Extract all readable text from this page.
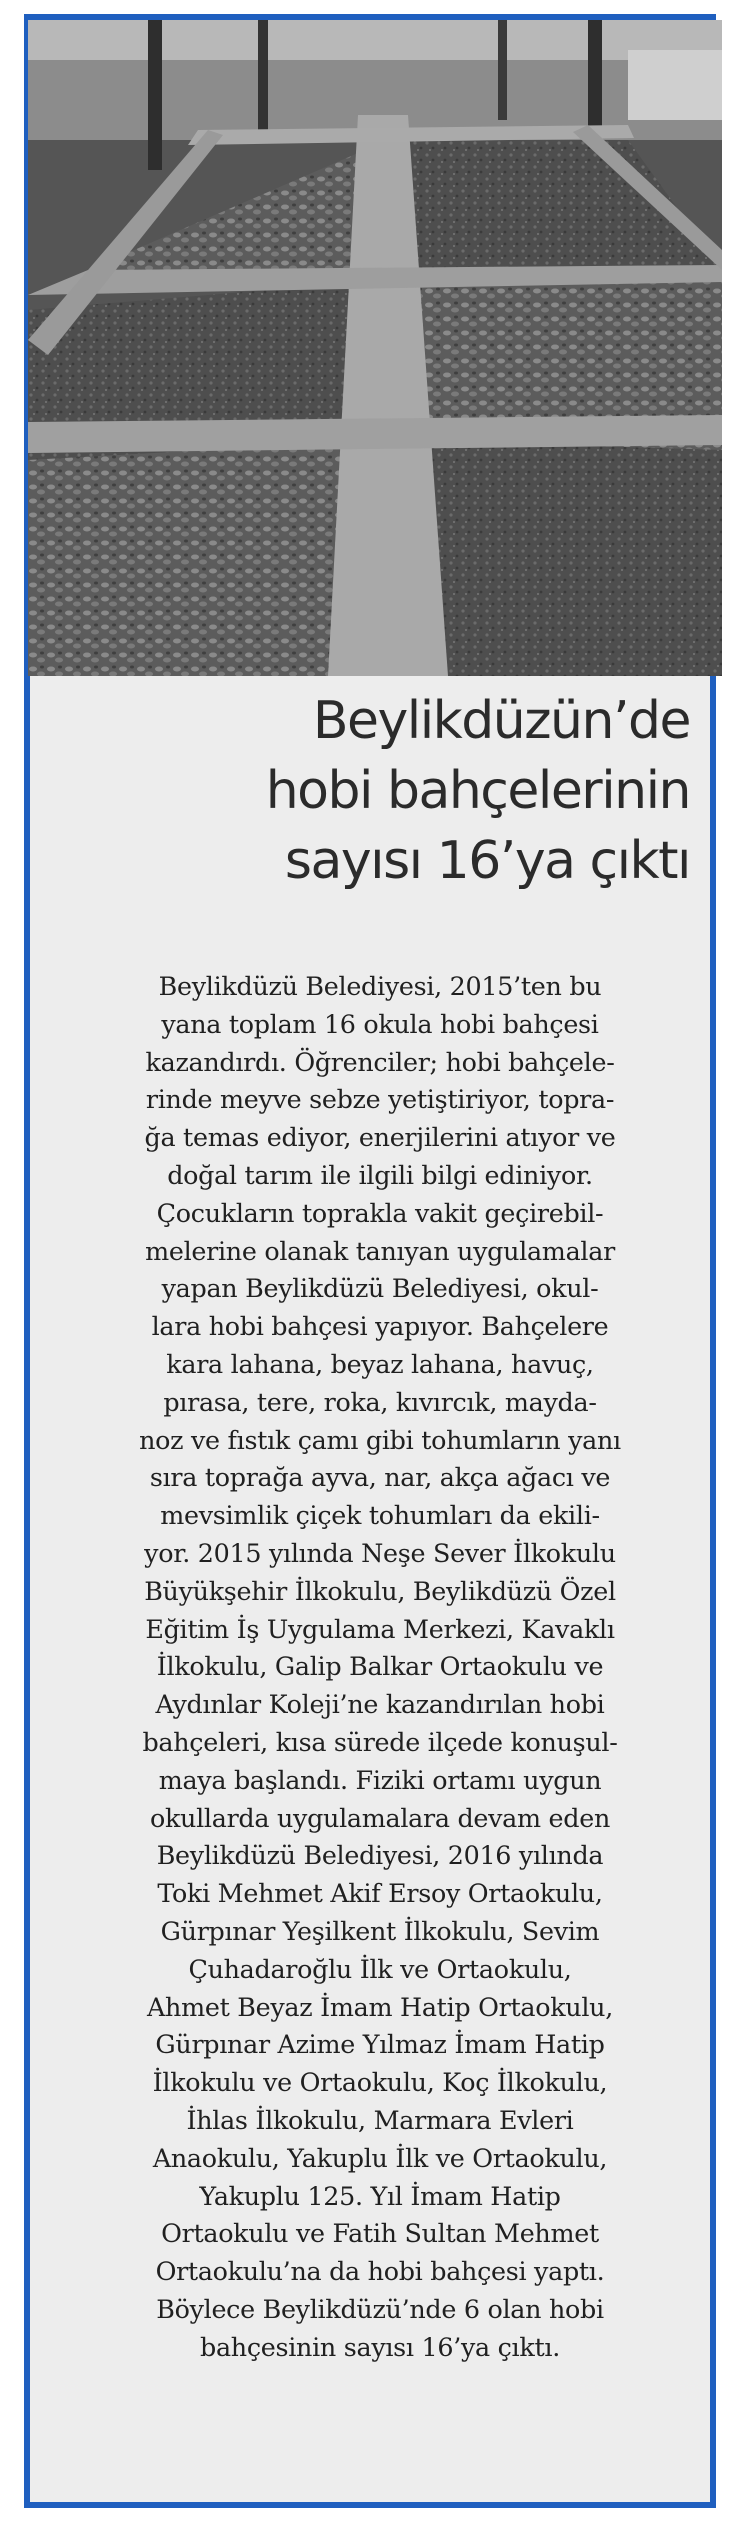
Beylikdüzün’de
hobi bahçelerinin
sayısı 16’ya çıktı
Beylikdüzü Belediyesi, 2015’ten bu
yana toplam 16 okula hobi bahçesi
kazandırdı. Öğrenciler; hobi bahçele-
rinde meyve sebze yetiştiriyor, topra-
ğa temas ediyor, enerjilerini atıyor ve
doğal tarım ile ilgili bilgi ediniyor.
Çocukların toprakla vakit geçirebil-
melerine olanak tanıyan uygulamalar
yapan Beylikdüzü Belediyesi, okul-
lara hobi bahçesi yapıyor. Bahçelere
kara lahana, beyaz lahana, havuç,
pırasa, tere, roka, kıvırcık, mayda-
noz ve fıstık çamı gibi tohumların yanı
sıra toprağa ayva, nar, akça ağacı ve
mevsimlik çiçek tohumları da ekili-
yor. 2015 yılında Neşe Sever İlkokulu
Büyükşehir İlkokulu, Beylikdüzü Özel
Eğitim İş Uygulama Merkezi, Kavaklı
İlkokulu, Galip Balkar Ortaokulu ve
Aydınlar Koleji’ne kazandırılan hobi
bahçeleri, kısa sürede ilçede konuşul-
maya başlandı. Fiziki ortamı uygun
okullarda uygulamalara devam eden
Beylikdüzü Belediyesi, 2016 yılında
Toki Mehmet Akif Ersoy Ortaokulu,
Gürpınar Yeşilkent İlkokulu, Sevim
Çuhadaroğlu İlk ve Ortaokulu,
Ahmet Beyaz İmam Hatip Ortaokulu,
Gürpınar Azime Yılmaz İmam Hatip
İlkokulu ve Ortaokulu, Koç İlkokulu,
İhlas İlkokulu, Marmara Evleri
Anaokulu, Yakuplu İlk ve Ortaokulu,
Yakuplu 125. Yıl İmam Hatip
Ortaokulu ve Fatih Sultan Mehmet
Ortaokulu’na da hobi bahçesi yaptı.
Böylece Beylikdüzü’nde 6 olan hobi
bahçesinin sayısı 16’ya çıktı.
